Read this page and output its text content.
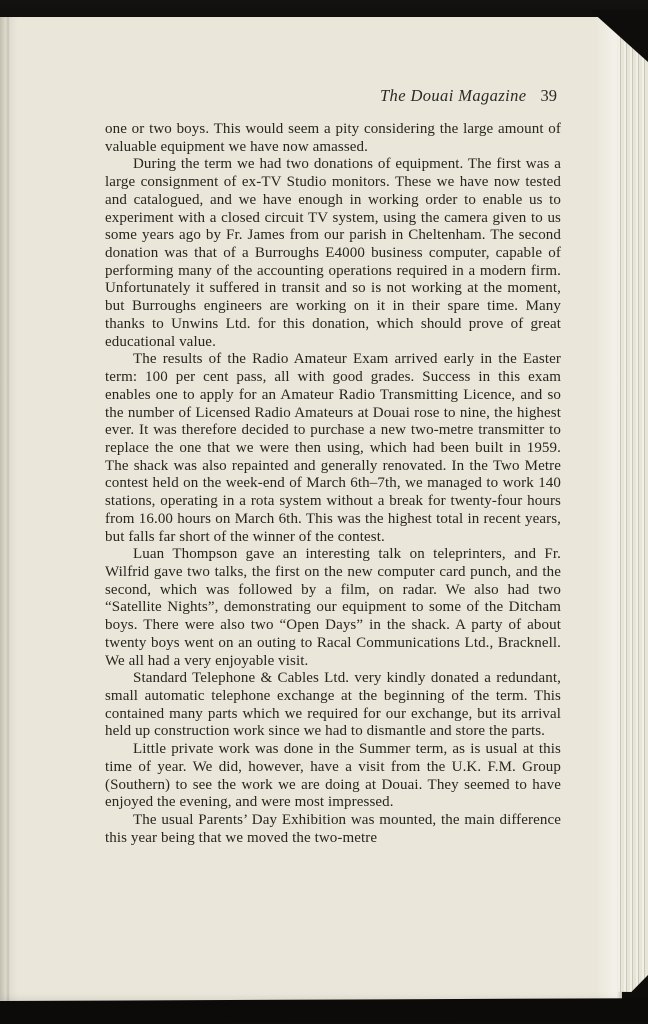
The Douai Magazine 39

one or two boys. This would seem a pity considering the large amount of valuable equipment we have now amassed.

During the term we had two donations of equipment. The first was a large consignment of ex-TV Studio monitors. These we have now tested and catalogued, and we have enough in working order to enable us to experiment with a closed circuit TV system, using the camera given to us some years ago by Fr. James from our parish in Cheltenham. The second donation was that of a Burroughs E4000 business computer, capable of performing many of the accounting operations required in a modern firm. Unfortunately it suffered in transit and so is not working at the moment, but Burroughs engineers are working on it in their spare time. Many thanks to Unwins Ltd. for this donation, which should prove of great educational value.

The results of the Radio Amateur Exam arrived early in the Easter term: 100 per cent pass, all with good grades. Success in this exam enables one to apply for an Amateur Radio Transmitting Licence, and so the number of Licensed Radio Amateurs at Douai rose to nine, the highest ever. It was therefore decided to purchase a new two-metre transmitter to replace the one that we were then using, which had been built in 1959. The shack was also repainted and generally renovated. In the Two Metre contest held on the week-end of March 6th–7th, we managed to work 140 stations, operating in a rota system without a break for twenty-four hours from 16.00 hours on March 6th. This was the highest total in recent years, but falls far short of the winner of the contest.

Luan Thompson gave an interesting talk on teleprinters, and Fr. Wilfrid gave two talks, the first on the new computer card punch, and the second, which was followed by a film, on radar. We also had two “Satellite Nights”, demonstrating our equipment to some of the Ditcham boys. There were also two “Open Days” in the shack. A party of about twenty boys went on an outing to Racal Communications Ltd., Bracknell. We all had a very enjoyable visit.

Standard Telephone & Cables Ltd. very kindly donated a redundant, small automatic telephone exchange at the beginning of the term. This contained many parts which we required for our exchange, but its arrival held up construction work since we had to dismantle and store the parts.

Little private work was done in the Summer term, as is usual at this time of year. We did, however, have a visit from the U.K. F.M. Group (Southern) to see the work we are doing at Douai. They seemed to have enjoyed the evening, and were most impressed.

The usual Parents’ Day Exhibition was mounted, the main difference this year being that we moved the two-metre
